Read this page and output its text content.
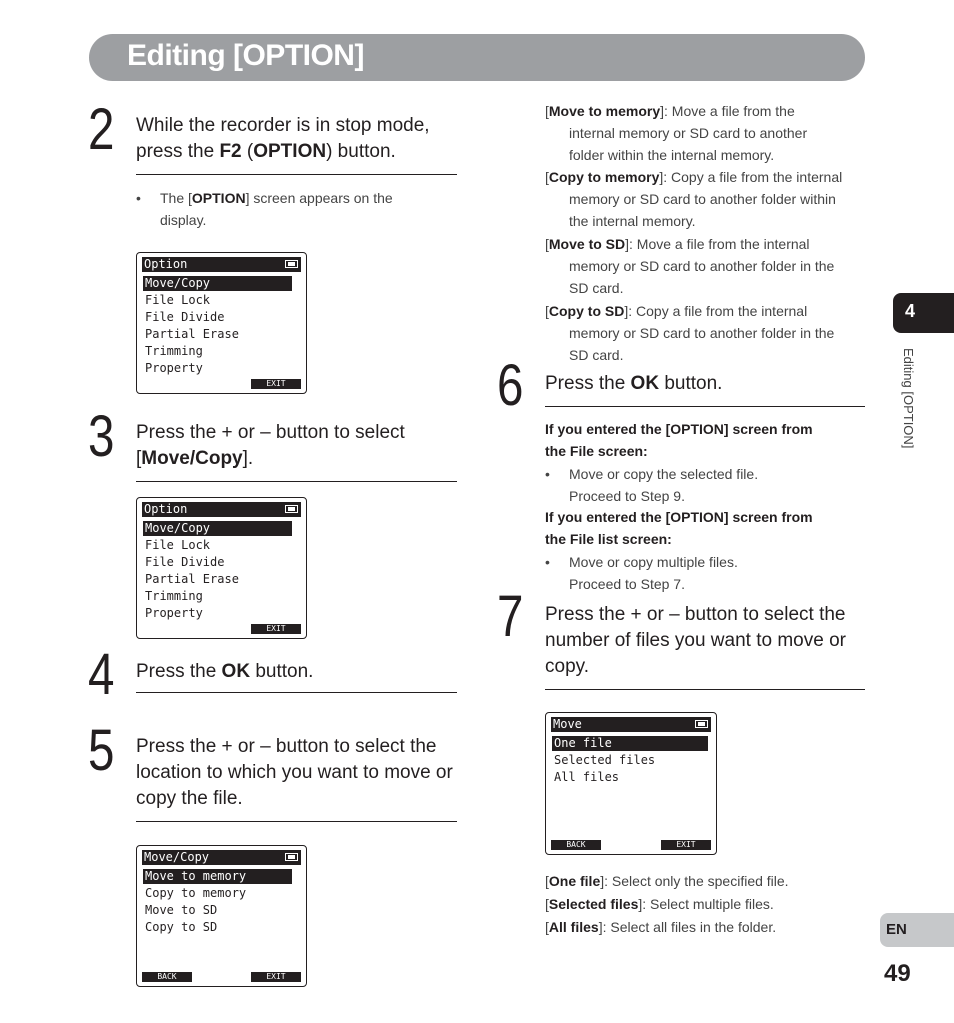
Editing [OPTION]
2 While the recorder is in stop mode, press the F2 (OPTION) button.
• The [OPTION] screen appears on the display.
Option
Move/Copy
File Lock
File Divide
Partial Erase
Trimming
Property
EXIT
3 Press the + or – button to select [Move/Copy].
Option
Move/Copy
File Lock
File Divide
Partial Erase
Trimming
Property
EXIT
4 Press the OK button.
5 Press the + or – button to select the location to which you want to move or copy the file.
Move/Copy
Move to memory
Copy to memory
Move to SD
Copy to SD
BACK	EXIT
[Move to memory]: Move a file from the
internal memory or SD card to another
folder within the internal memory.
[Copy to memory]: Copy a file from the internal
memory or SD card to another folder within
the internal memory.
[Move to SD]: Move a file from the internal
memory or SD card to another folder in the
SD card.
[Copy to SD]: Copy a file from the internal
memory or SD card to another folder in the
SD card.
6 Press the OK button.
If you entered the [OPTION] screen from
the File screen:
• Move or copy the selected file.
Proceed to Step 9.
If you entered the [OPTION] screen from
the File list screen:
• Move or copy multiple files.
Proceed to Step 7.
7 Press the + or – button to select the number of files you want to move or copy.
Move
One file
Selected files
All files
BACK	EXIT
[One file]: Select only the specified file.
[Selected files]: Select multiple files.
[All files]: Select all files in the folder.
4
Editing [OPTION]
EN
49
